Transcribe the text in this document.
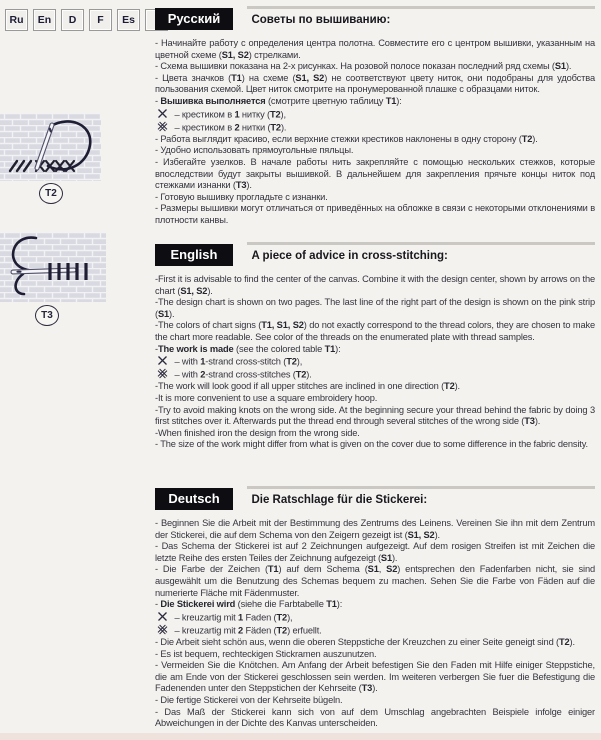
Ru	En	D	F	Es
T2
T3
Русский	Советы по вышиванию:

- Начинайте работу с определения центра полотна. Совместите его с центром вышивки, указанным на цветной схеме (S1, S2) стрелками.

- Схема вышивки показана на 2-х рисунках. На розовой полосе показан последний ряд схемы (S1).

- Цвета значков (T1) на схеме (S1, S2) не соответствуют цвету ниток, они подобраны для удобства пользования схемой. Цвет ниток смотрите на пронумерованной плашке с образцами ниток.

- Вышивка выполняется (смотрите цветную таблицу T1):

– крестиком в 1 нитку (T2),

– крестиком в 2 нитки (T2).

- Работа выглядит красиво, если верхние стежки крестиков наклонены в одну сторону (T2).

- Удобно использовать прямоугольные пяльцы.

- Избегайте узелков. В начале работы нить закрепляйте с помощью нескольких стежков, которые впоследствии будут закрыты вышивкой. В дальнейшем для закрепления прячьте концы ниток под стежками изнанки (T3).

- Готовую вышивку прогладьте с изнанки.

- Размеры вышивки могут отличаться от приведённых на обложке в связи с некоторыми отклонениями в плотности канвы.

English	A piece of advice in cross-stitching:

-First it is advisable to find the center of the canvas. Combine it with the design center, shown by arrows on the chart (S1, S2).

-The design chart is shown on two pages. The last line of the right part of the design is shown on the pink strip (S1).

-The colors of chart signs (T1, S1, S2) do not exactly correspond to the thread colors, they are chosen to make the chart more readable. See color of the threads on the enumerated plate with thread samples.

-The work is made (see the colored table T1):

– with 1-strand cross-stitch (T2),

– with 2-strand cross-stitches (T2).

-The work will look good if all upper stitches are inclined in one direction (T2).

-It is more convenient to use a square embroidery hoop.

-Try to avoid making knots on the wrong side. At the beginning secure your thread behind the fabric by doing 3 first stitches over it. Afterwards put the thread end through several stitches of the wrong side (T3).

-When finished iron the design from the wrong side.

- The size of the work might differ from what is given on the cover due to some difference in the fabric density.

Deutsch	Die Ratschlage für die Stickerei:

- Beginnen Sie die Arbeit mit der Bestimmung des Zentrums des Leinens. Vereinen Sie ihn mit dem Zentrum der Stickerei, die auf dem Schema von den Zeigern gezeigt ist (S1, S2).

- Das Schema der Stickerei ist auf 2 Zeichnungen aufgezeigt. Auf dem rosigen Streifen ist mit Zeichen die letzte Reihe des ersten Teiles der Zeichnung aufgezeigt (S1).

- Die Farbe der Zeichen (T1) auf dem Schema (S1, S2) entsprechen den Fadenfarben nicht, sie sind ausgewählt um die Benutzung des Schemas bequem zu machen. Sehen Sie die Farbe von Fäden auf die numerierte Fläche mit Fädenmuster.

- Die Stickerei wird (siehe die Farbtabelle T1):

– kreuzartig mit 1 Faden (T2),

– kreuzartig mit 2 Fäden (T2) erfuellt.

- Die Arbeit sieht schön aus, wenn die oberen Steppstiche der Kreuzchen zu einer Seite geneigt sind (T2).

- Es ist bequem, rechteckigen Stickramen auszunutzen.

- Vermeiden Sie die Knötchen. Am Anfang der Arbeit befestigen Sie den Faden mit Hilfe einiger Steppstiche, die am Ende von der Stickerei geschlossen sein werden. Im weiteren verbergen Sie fuer die Befestigung die Fadenenden unter den Steppstichen der Kehrseite (T3).

- Die fertige Stickerei von der Kehrseite bügeln.

- Das Maß der Stickerei kann sich von auf dem Umschlag angebrachten Beispiele infolge einiger Abweichungen in der Dichte des Kanvas unterscheiden.
